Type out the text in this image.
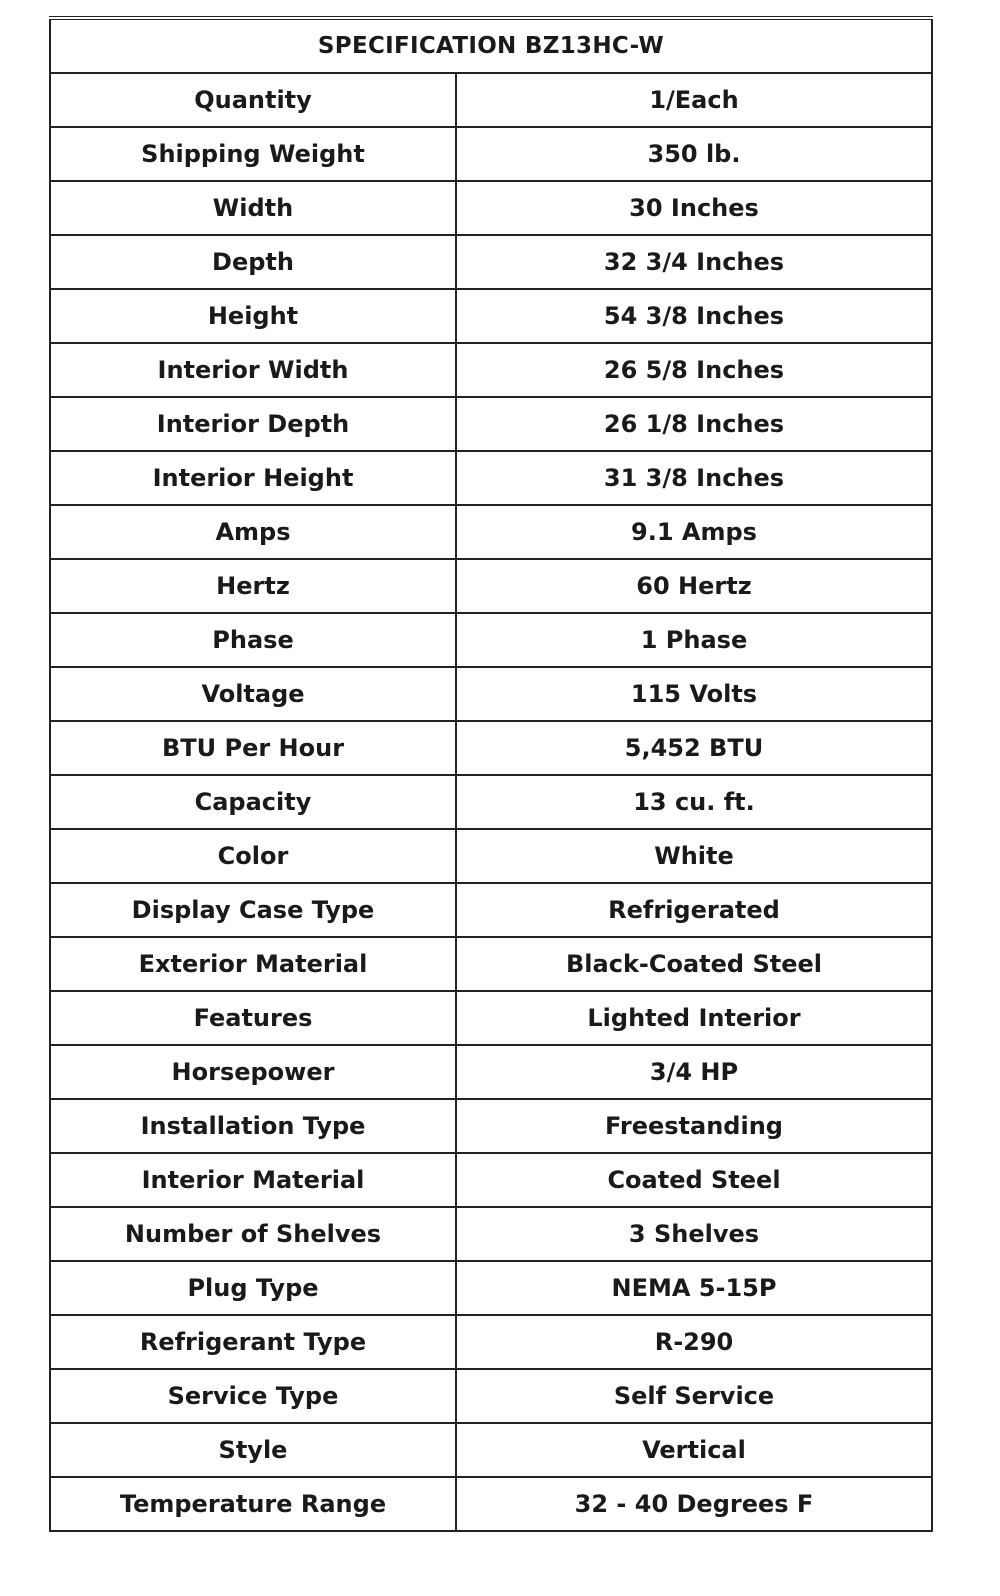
SPECIFICATION BZ13HC-W	
Quantity	1/Each
Shipping Weight	350 lb.
Width	30 Inches
Depth	32 3/4 Inches
Height	54 3/8 Inches
Interior Width	26 5/8 Inches
Interior Depth	26 1/8 Inches
Interior Height	31 3/8 Inches
Amps	9.1 Amps
Hertz	60 Hertz
Phase	1 Phase
Voltage	115 Volts
BTU Per Hour	5,452 BTU
Capacity	13 cu. ft.
Color	White
Display Case Type	Refrigerated
Exterior Material	Black-Coated Steel
Features	Lighted Interior
Horsepower	3/4 HP
Installation Type	Freestanding
Interior Material	Coated Steel
Number of Shelves	3 Shelves
Plug Type	NEMA 5-15P
Refrigerant Type	R-290
Service Type	Self Service
Style	Vertical
Temperature Range	32 - 40 Degrees F
